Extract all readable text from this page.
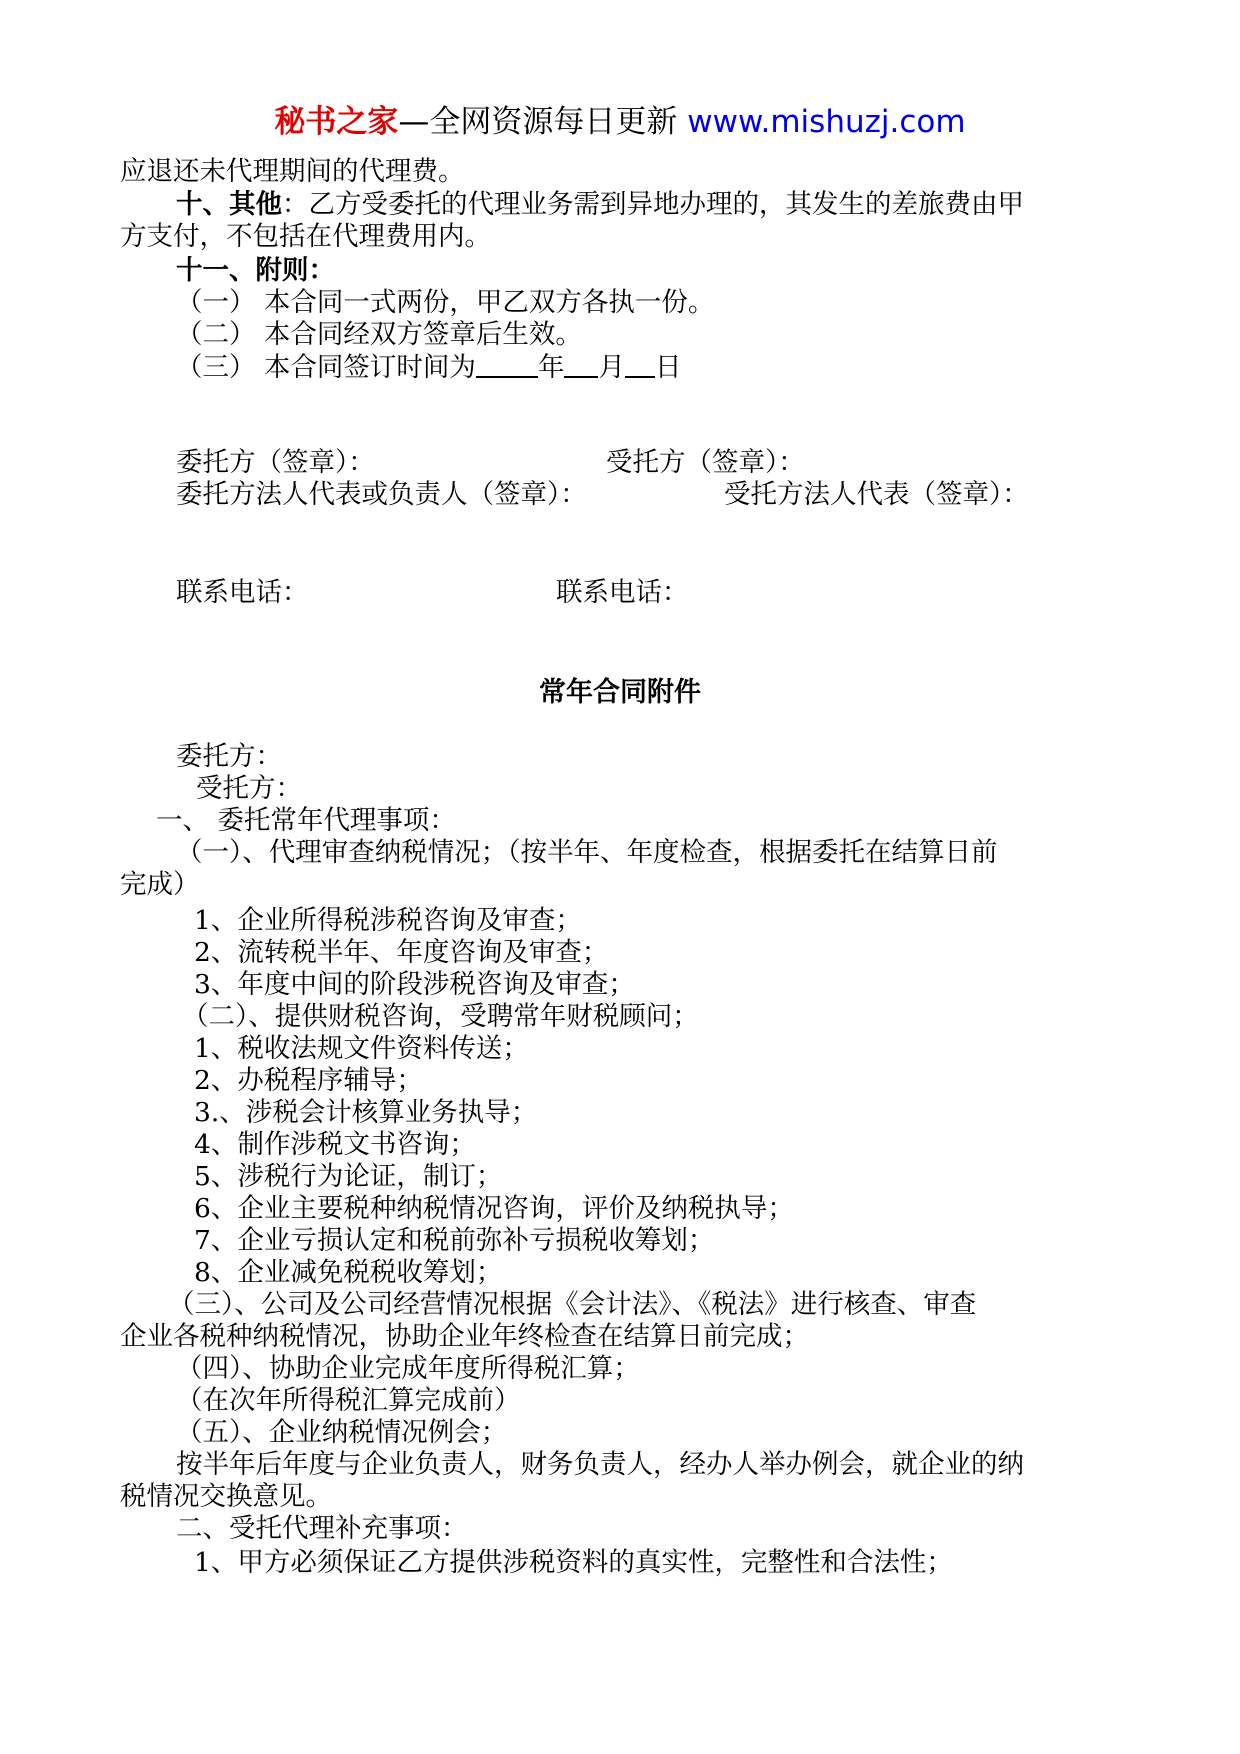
秘书之家—全网资源每日更新 www.mishuzj.com
应退还未代理期间的代理费。
十、其他：乙方受委托的代理业务需到异地办理的，其发生的差旅费由甲
方支付，不包括在代理费用内。
十一、附则：
（一） 本合同一式两份，甲乙双方各执一份。
（二） 本合同经双方签章后生效。
（三） 本合同签订时间为 年 月 日
委托方（签章）：	受托方（签章）：
委托方法人代表或负责人（签章）：	受托方法人代表（签章）：
联系电话：	联系电话：
常年合同附件
委托方：
受托方：
一、 委托常年代理事项：
（一）、代理审查纳税情况；（按半年、年度检查，根据委托在结算日前
完成）
1、企业所得税涉税咨询及审查；
2、流转税半年、年度咨询及审查；
3、年度中间的阶段涉税咨询及审查；
（二）、提供财税咨询，受聘常年财税顾问；
1、税收法规文件资料传送；
2、办税程序辅导；
3.、涉税会计核算业务执导；
4、制作涉税文书咨询；
5、涉税行为论证，制订；
6、企业主要税种纳税情况咨询，评价及纳税执导；
7、企业亏损认定和税前弥补亏损税收筹划；
8、企业减免税税收筹划；
（三）、公司及公司经营情况根据《会计法》、《税法》进行核查、审查
企业各税种纳税情况，协助企业年终检查在结算日前完成；
（四）、协助企业完成年度所得税汇算；
（在次年所得税汇算完成前）
（五）、企业纳税情况例会；
按半年后年度与企业负责人，财务负责人，经办人举办例会，就企业的纳
税情况交换意见。
二、受托代理补充事项：
1、甲方必须保证乙方提供涉税资料的真实性，完整性和合法性；
